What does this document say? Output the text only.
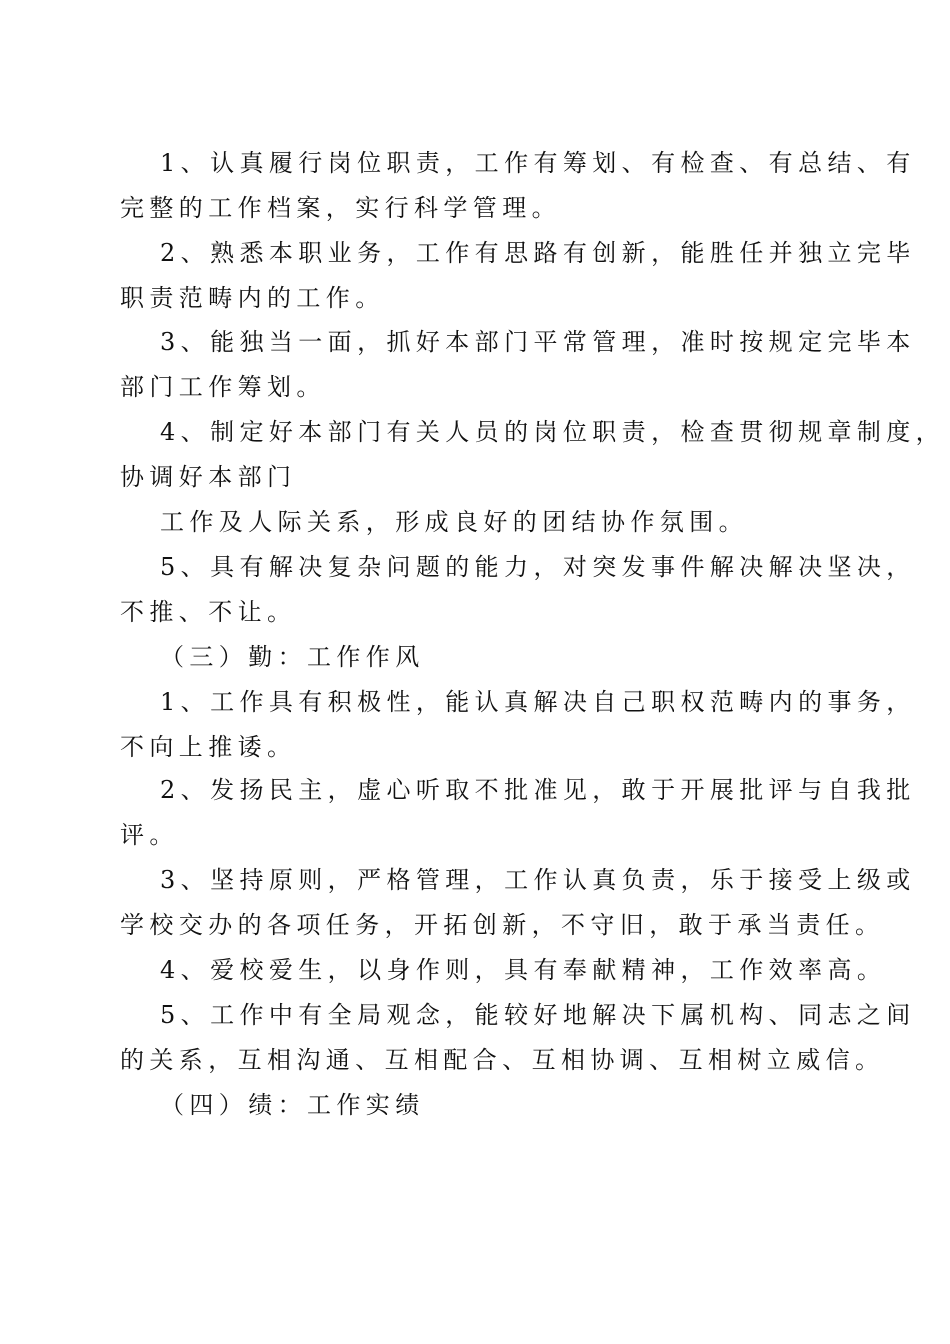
1、认真履行岗位职责，工作有筹划、有检查、有总结、有
完整的工作档案，实行科学管理。
2、熟悉本职业务，工作有思路有创新，能胜任并独立完毕
职责范畴内的工作。
3、能独当一面，抓好本部门平常管理，准时按规定完毕本
部门工作筹划。
4、制定好本部门有关人员的岗位职责，检查贯彻规章制度，
协调好本部门
工作及人际关系，形成良好的团结协作氛围。
5、具有解决复杂问题的能力，对突发事件解决解决坚决，
不推、不让。
（三）勤：工作作风
1、工作具有积极性，能认真解决自己职权范畴内的事务，
不向上推诿。
2、发扬民主，虚心听取不批准见，敢于开展批评与自我批
评。
3、坚持原则，严格管理，工作认真负责，乐于接受上级或
学校交办的各项任务，开拓创新，不守旧，敢于承当责任。
4、爱校爱生，以身作则，具有奉献精神，工作效率高。
5、工作中有全局观念，能较好地解决下属机构、同志之间
的关系，互相沟通、互相配合、互相协调、互相树立威信。
（四）绩：工作实绩
